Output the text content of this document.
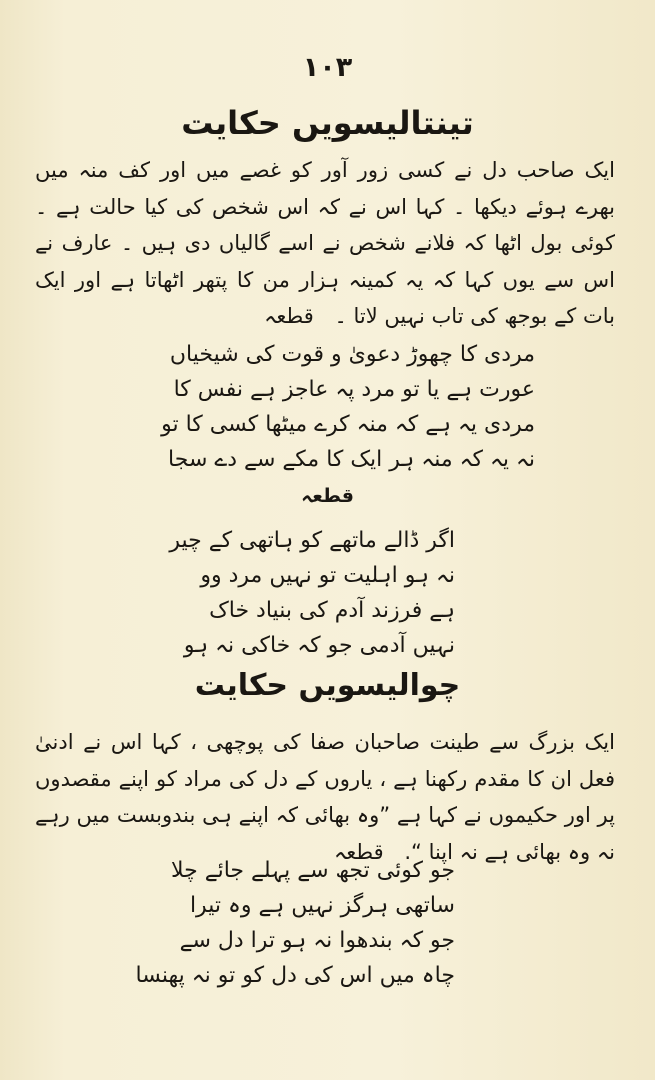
۱۰۳
تینتالیسویں حکایت
ایک صاحب دل نے کسی زور آور کو غصے میں اور کف منہ میں بھرے ہوئے دیکھا ۔ کہا اس نے کہ اس شخص کی کیا حالت ہے ۔ کوئی بول اٹھا کہ فلانے شخص نے اسے گالیاں دی ہیں ۔ عارف نے اس سے یوں کہا کہ یہ کمینہ ہزار من کا پتھر اٹھاتا ہے اور ایک بات کے بوجھ کی تاب نہیں لاتا ۔ قطعہ
مردی کا چھوڑ دعویٰ و قوت کی شیخیاں
عورت ہے یا تو مرد پہ عاجز ہے نفس کا
مردی یہ ہے کہ منہ کرے میٹھا کسی کا تو
نہ یہ کہ منہ ہر ایک کا مکے سے دے سجا
قطعہ
اگر ڈالے ماتھے کو ہاتھی کے چیر
نہ ہو اہلیت تو نہیں مرد وو
ہے فرزند آدم کی بنیاد خاک
نہیں آدمی جو کہ خاکی نہ ہو
چوالیسویں حکایت
ایک بزرگ سے طینت صاحبان صفا کی پوچھی ، کہا اس نے ادنیٰ فعل ان کا مقدم رکھنا ہے ، یاروں کے دل کی مراد کو اپنے مقصدوں پر اور حکیموں نے کہا ہے ”وہ بھائی کہ اپنے ہی بندوبست میں رہے نہ وہ بھائی ہے نہ اپنا “. قطعہ
جو کوئی تجھ سے پہلے جائے چلا
ساتھی ہرگز نہیں ہے وہ تیرا
جو کہ بندھوا نہ ہو ترا دل سے
چاہ میں اس کی دل کو تو نہ پھنسا
